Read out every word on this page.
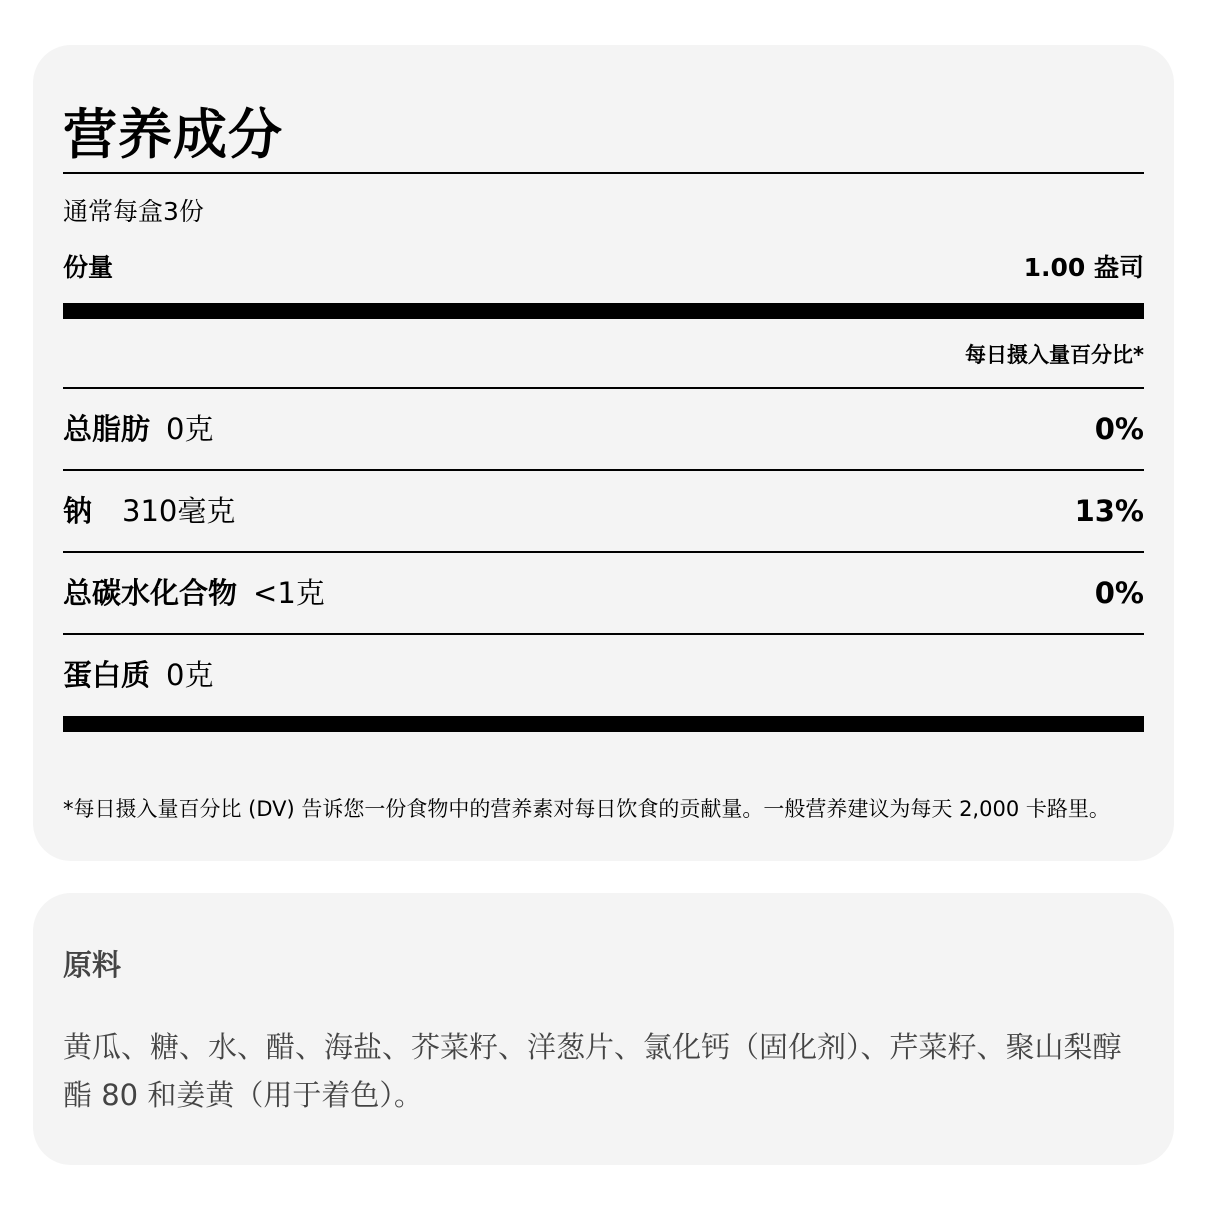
营养成分
通常每盒3份
份量	1.00 盎司
每日摄入量百分比*
总脂肪 0克	0%
钠 310毫克	13%
总碳水化合物 <1克	0%
蛋白质 0克
*每日摄入量百分比 (DV) 告诉您一份食物中的营养素对每日饮食的贡献量。一般营养建议为每天 2,000 卡路里。
原料
黄瓜、糖、水、醋、海盐、芥菜籽、洋葱片、氯化钙（固化剂）、芹菜籽、聚山梨醇酯 80 和姜黄（用于着色）。
